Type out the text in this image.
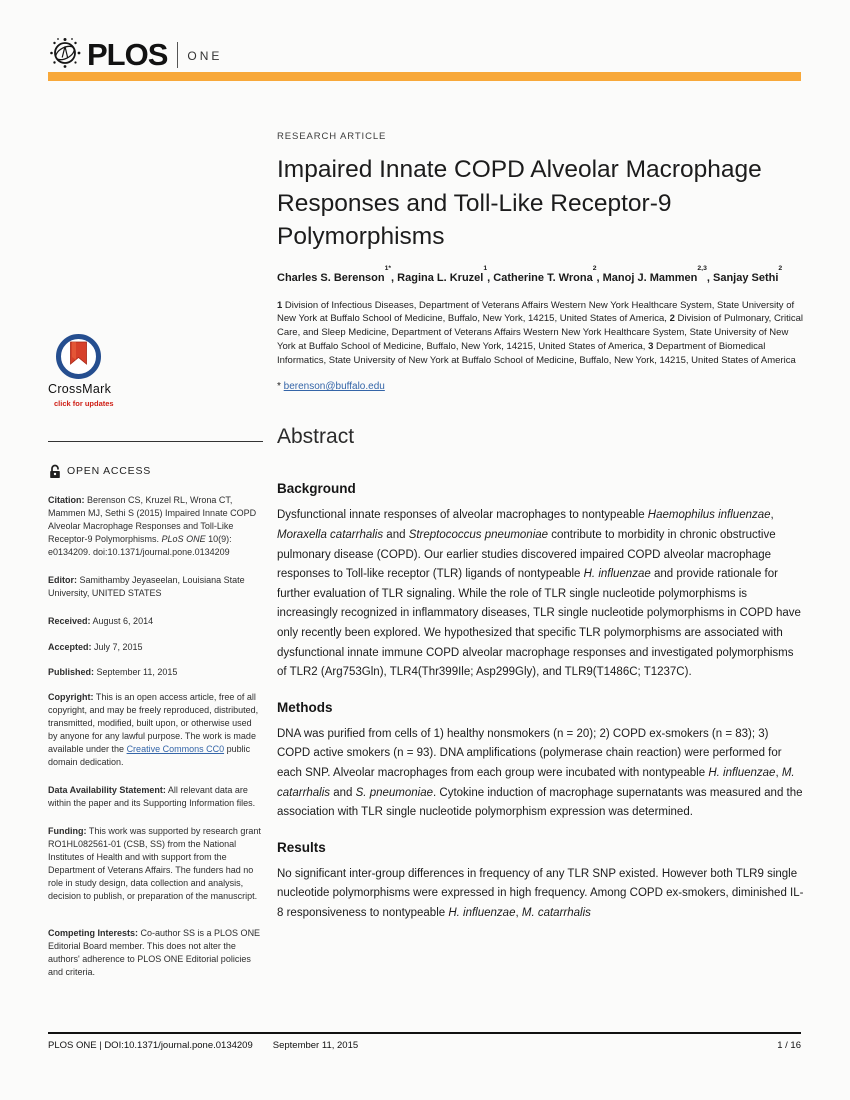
PLOS ONE
RESEARCH ARTICLE
Impaired Innate COPD Alveolar Macrophage Responses and Toll-Like Receptor-9 Polymorphisms
Charles S. Berenson$^{1*}$, Ragina L. Kruzel$^1$, Catherine T. Wrona$^2$, Manoj J. Mammen$^{2,3}$, Sanjay Sethi$^2$
1 Division of Infectious Diseases, Department of Veterans Affairs Western New York Healthcare System, State University of New York at Buffalo School of Medicine, Buffalo, New York, 14215, United States of America, 2 Division of Pulmonary, Critical Care, and Sleep Medicine, Department of Veterans Affairs Western New York Healthcare System, State University of New York at Buffalo School of Medicine, Buffalo, New York, 14215, United States of America, 3 Department of Biomedical Informatics, State University of New York at Buffalo School of Medicine, Buffalo, New York, 14215, United States of America
* berenson@buffalo.edu
Abstract
Background

Dysfunctional innate responses of alveolar macrophages to nontypeable Haemophilus influenzae, Moraxella catarrhalis and Streptococcus pneumoniae contribute to morbidity in chronic obstructive pulmonary disease (COPD). Our earlier studies discovered impaired COPD alveolar macrophage responses to Toll-like receptor (TLR) ligands of nontypeable H. influenzae and provide rationale for further evaluation of TLR signaling. While the role of TLR single nucleotide polymorphisms is increasingly recognized in inflammatory diseases, TLR single nucleotide polymorphisms in COPD have only recently been explored. We hypothesized that specific TLR polymorphisms are associated with dysfunctional innate immune COPD alveolar macrophage responses and investigated polymorphisms of TLR2 (Arg753Gln), TLR4(Thr399Ile; Asp299Gly), and TLR9(T1486C; T1237C).

Methods

DNA was purified from cells of 1) healthy nonsmokers (n = 20); 2) COPD ex-smokers (n = 83); 3) COPD active smokers (n = 93). DNA amplifications (polymerase chain reaction) were performed for each SNP. Alveolar macrophages from each group were incubated with nontypeable H. influenzae, M. catarrhalis and S. pneumoniae. Cytokine induction of macrophage supernatants was measured and the association with TLR single nucleotide polymorphism expression was determined.

Results

No significant inter-group differences in frequency of any TLR SNP existed. However both TLR9 single nucleotide polymorphisms were expressed in high frequency. Among COPD ex-smokers, diminished IL-8 responsiveness to nontypeable H. influenzae, M. catarrhalis

CrossMark
click for updates
OPEN ACCESS
Citation: Berenson CS, Kruzel RL, Wrona CT, Mammen MJ, Sethi S (2015) Impaired Innate COPD Alveolar Macrophage Responses and Toll-Like Receptor-9 Polymorphisms. PLoS ONE 10(9): e0134209. doi:10.1371/journal.pone.0134209
Editor: Samithamby Jeyaseelan, Louisiana State University, UNITED STATES
Received: August 6, 2014
Accepted: July 7, 2015
Published: September 11, 2015
Copyright: This is an open access article, free of all copyright, and may be freely reproduced, distributed, transmitted, modified, built upon, or otherwise used by anyone for any lawful purpose. The work is made available under the Creative Commons CC0 public domain dedication.
Data Availability Statement: All relevant data are within the paper and its Supporting Information files.
Funding: This work was supported by research grant RO1HL082561-01 (CSB, SS) from the National Institutes of Health and with support from the Department of Veterans Affairs. The funders had no role in study design, data collection and analysis, decision to publish, or preparation of the manuscript.
Competing Interests: Co-author SS is a PLOS ONE Editorial Board member. This does not alter the authors' adherence to PLOS ONE Editorial policies and criteria.
PLOS ONE | DOI:10.1371/journal.pone.0134209 September 11, 2015	1 / 16
